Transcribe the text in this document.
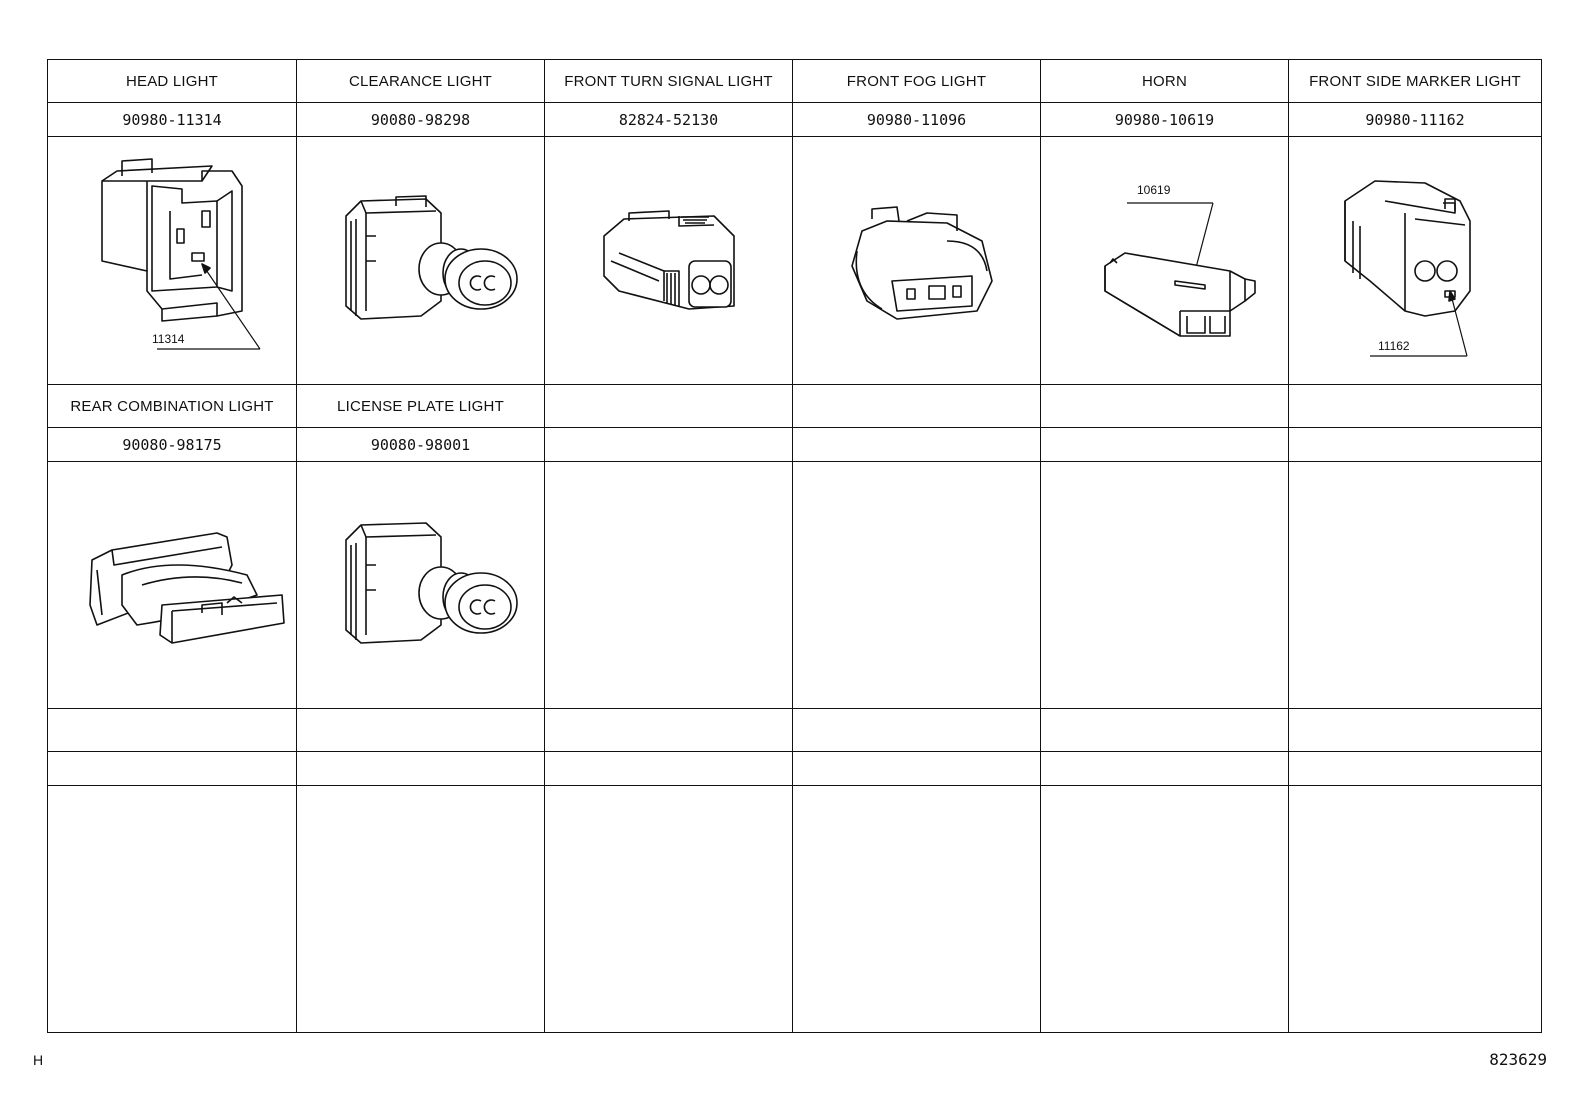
HEAD LIGHT	CLEARANCE LIGHT	FRONT TURN SIGNAL LIGHT	FRONT FOG LIGHT	HORN	FRONT SIDE MARKER LIGHT
90980-11314	90080-98298	82824-52130	90980-11096	90980-10619	90980-11162

11314				10619	11162

REAR COMBINATION LIGHT	LICENSE PLATE LIGHT				
90080-98175	90080-98001				

H	823629
